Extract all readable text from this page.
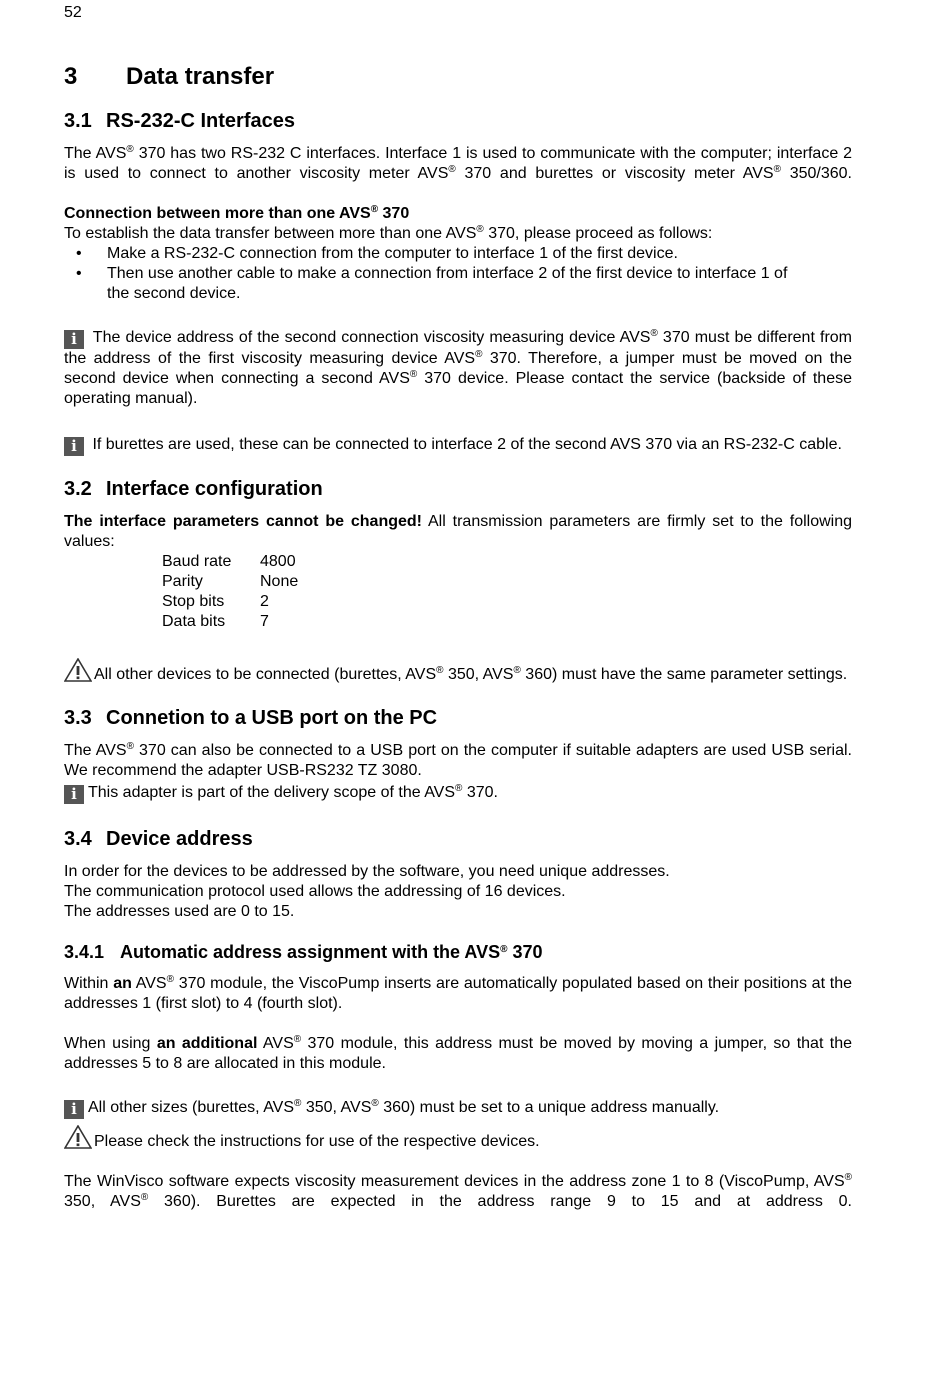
52
3 Data transfer
3.1 RS-232-C Interfaces

The AVS® 370 has two RS-232 C interfaces. Interface 1 is used to communicate with the computer; interface 2 is used to connect to another viscosity meter AVS® 370 and burettes or viscosity meter AVS® 350/360.

Connection between more than one AVS® 370

To establish the data transfer between more than one AVS® 370, please proceed as follows:

• Make a RS-232-C connection from the computer to interface 1 of the first device.
• Then use another cable to make a connection from interface 2 of the first device to interface 1 of the second device.

i The device address of the second connection viscosity measuring device AVS® 370 must be different from the address of the first viscosity measuring device AVS® 370. Therefore, a jumper must be moved on the second device when connecting a second AVS® 370 device. Please contact the service (backside of these operating manual).

i If burettes are used, these can be connected to interface 2 of the second AVS 370 via an RS-232-C cable.

3.2 Interface configuration

The interface parameters cannot be changed! All transmission parameters are firmly set to the following values:

Baud rate	4800
Parity	None
Stop bits	2
Data bits	7

All other devices to be connected (burettes, AVS® 350, AVS® 360) must have the same parameter settings.

3.3 Connetion to a USB port on the PC

The AVS® 370 can also be connected to a USB port on the computer if suitable adapters are used USB serial. We recommend the adapter USB-RS232 TZ 3080.

i This adapter is part of the delivery scope of the AVS® 370.

3.4 Device address

In order for the devices to be addressed by the software, you need unique addresses.

The communication protocol used allows the addressing of 16 devices.

The addresses used are 0 to 15.

3.4.1 Automatic address assignment with the AVS® 370

Within an AVS® 370 module, the ViscoPump inserts are automatically populated based on their positions at the addresses 1 (first slot) to 4 (fourth slot).

When using an additional AVS® 370 module, this address must be moved by moving a jumper, so that the addresses 5 to 8 are allocated in this module.

i All other sizes (burettes, AVS® 350, AVS® 360) must be set to a unique address manually.

Please check the instructions for use of the respective devices.

The WinVisco software expects viscosity measurement devices in the address zone 1 to 8 (ViscoPump, AVS® 350, AVS® 360). Burettes are expected in the address range 9 to 15 and at address 0.
